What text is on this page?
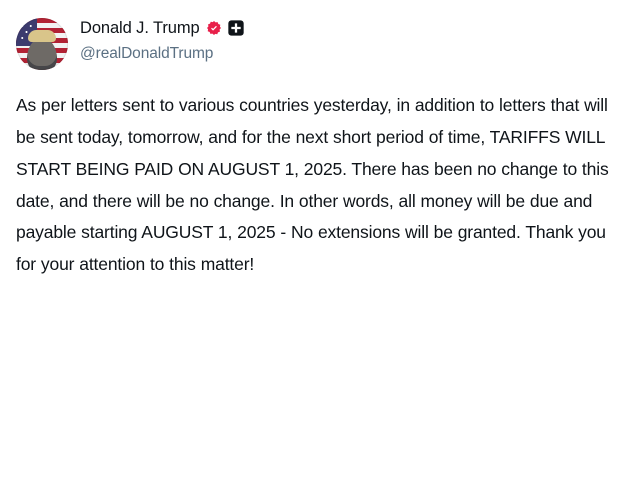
Donald J. Trump
@realDonaldTrump
As per letters sent to various countries yesterday, in addition to letters that will be sent today, tomorrow, and for the next short period of time, TARIFFS WILL START BEING PAID ON AUGUST 1, 2025. There has been no change to this date, and there will be no change. In other words, all money will be due and payable starting AUGUST 1, 2025 - No extensions will be granted. Thank you for your attention to this matter!
